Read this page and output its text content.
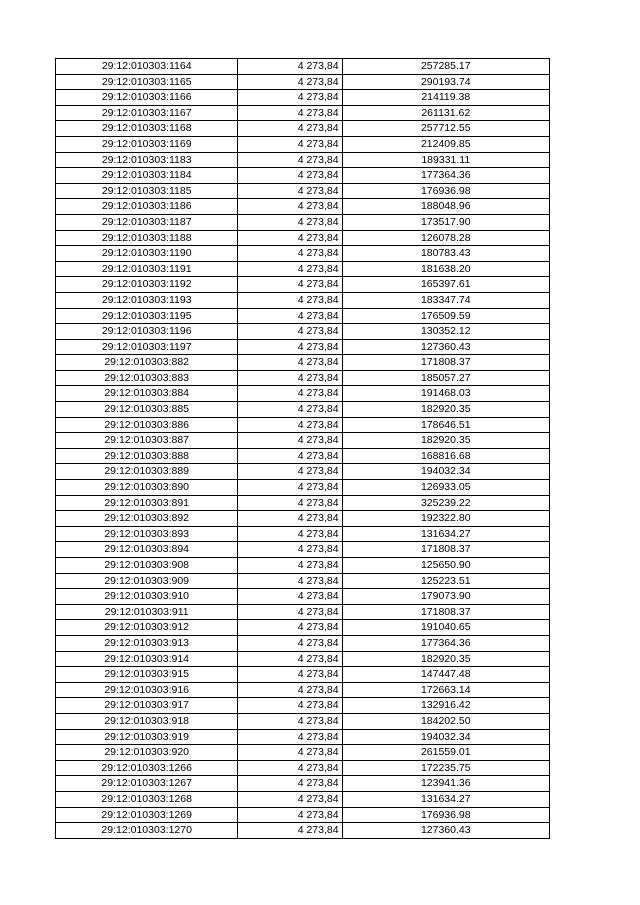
29:12:010303:1164	4 273,84	257285.17
29:12:010303:1165	4 273,84	290193.74
29:12:010303:1166	4 273,84	214119.38
29:12:010303:1167	4 273,84	261131.62
29:12:010303:1168	4 273,84	257712.55
29:12:010303:1169	4 273,84	212409.85
29:12:010303:1183	4 273,84	189331.11
29:12:010303:1184	4 273,84	177364.36
29:12:010303:1185	4 273,84	176936.98
29:12:010303:1186	4 273,84	188048.96
29:12:010303:1187	4 273,84	173517.90
29:12:010303:1188	4 273,84	126078.28
29:12:010303:1190	4 273,84	180783.43
29:12:010303:1191	4 273,84	181638.20
29:12:010303:1192	4 273,84	165397.61
29:12:010303:1193	4 273,84	183347.74
29:12:010303:1195	4 273,84	176509.59
29:12:010303:1196	4 273,84	130352.12
29:12:010303:1197	4 273,84	127360.43
29:12:010303:882	4 273,84	171808.37
29:12:010303:883	4 273,84	185057.27
29:12:010303:884	4 273,84	191468.03
29:12:010303:885	4 273,84	182920.35
29:12:010303:886	4 273,84	178646.51
29:12:010303:887	4 273,84	182920.35
29:12:010303:888	4 273,84	168816.68
29:12:010303:889	4 273,84	194032.34
29:12:010303:890	4 273,84	126933.05
29:12:010303:891	4 273,84	325239.22
29:12:010303:892	4 273,84	192322.80
29:12:010303:893	4 273,84	131634.27
29:12:010303:894	4 273,84	171808.37
29:12:010303:908	4 273,84	125650.90
29:12:010303:909	4 273,84	125223.51
29:12:010303:910	4 273,84	179073.90
29:12:010303:911	4 273,84	171808.37
29:12:010303:912	4 273,84	191040.65
29:12:010303:913	4 273,84	177364.36
29:12:010303:914	4 273,84	182920.35
29:12:010303:915	4 273,84	147447.48
29:12:010303:916	4 273,84	172663.14
29:12:010303:917	4 273,84	132916.42
29:12:010303:918	4 273,84	184202.50
29:12:010303:919	4 273,84	194032.34
29:12:010303:920	4 273,84	261559.01
29:12:010303:1266	4 273,84	172235.75
29:12:010303:1267	4 273,84	123941.36
29:12:010303:1268	4 273,84	131634.27
29:12:010303:1269	4 273,84	176936.98
29:12:010303:1270	4 273,84	127360.43
